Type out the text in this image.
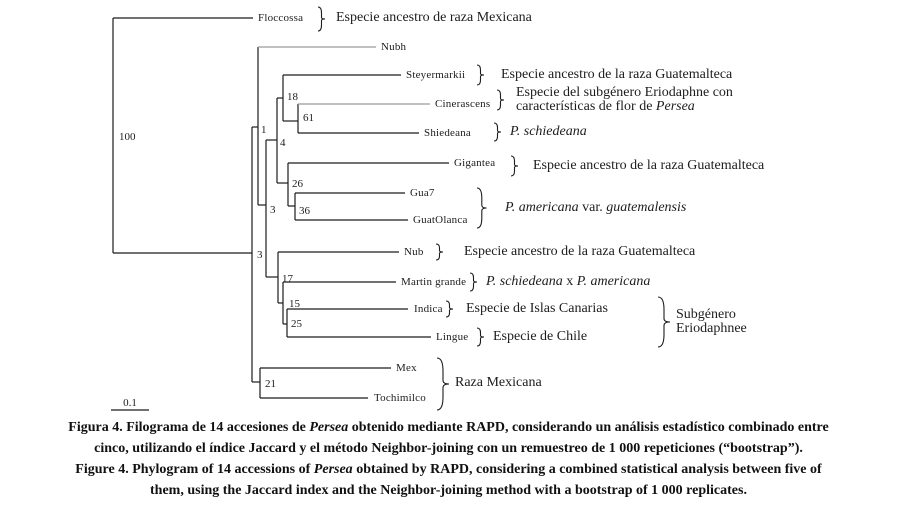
Floccossa
Nubh
Steyermarkii
Cinerascens
Shiedeana
Gigantea
Gua7
GuatOlanca
Nub
Martin grande
Indica
Lingue
Mex
Tochimilco
100
1
18
61
4
26
36
3
3
17
15
25
21
Especie ancestro de raza Mexicana
Especie ancestro de la raza Guatemalteca
Especie del subgénero Eriodaphne con
características de flor de Persea
P. schiedeana
Especie ancestro de la raza Guatemalteca
P. americana var. guatemalensis
Especie ancestro de la raza Guatemalteca
P. schiedeana x P. americana
Especie de Islas Canarias
Especie de Chile
Subgénero
Eriodaphnee
Raza Mexicana
0.1
Figura 4. Filograma de 14 accesiones de Persea obtenido mediante RAPD, considerando un análisis estadístico combinado entre
cinco, utilizando el índice Jaccard y el método Neighbor-joining con un remuestreo de 1 000 repeticiones (“bootstrap”).
Figure 4. Phylogram of 14 accessions of Persea obtained by RAPD, considering a combined statistical analysis between five of
them, using the Jaccard index and the Neighbor-joining method with a bootstrap of 1 000 replicates.
